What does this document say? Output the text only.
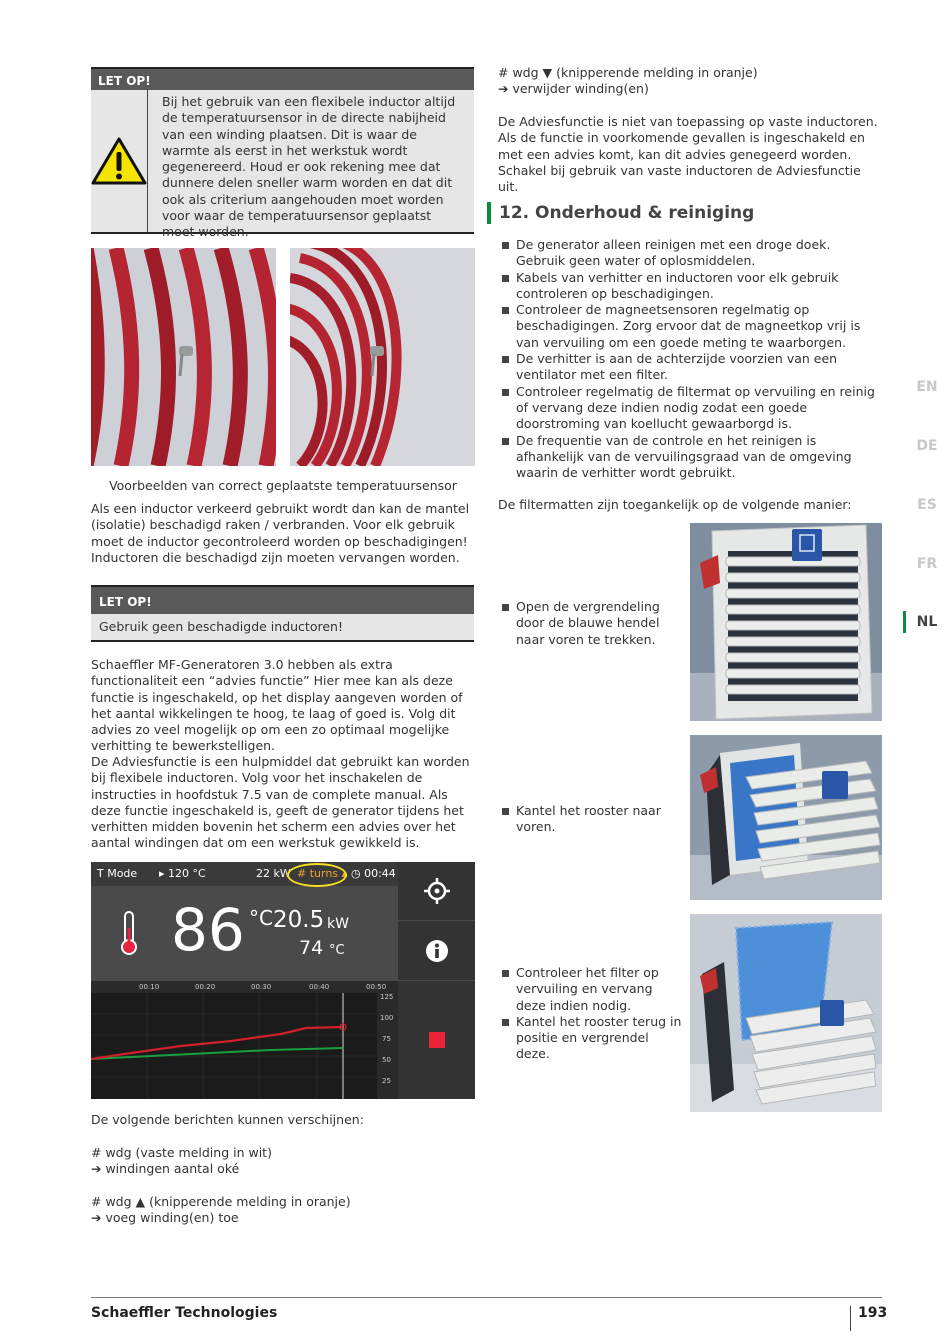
LET OP!

Bij het gebruik van een flexibele inductor altijd de temperatuursensor in de directe nabijheid van een winding plaatsen. Dit is waar de warmte als eerst in het werkstuk wordt gegenereerd. Houd er ook rekening mee dat dunnere delen sneller warm worden en dat dit ook als criterium aangehouden moet worden voor waar de temperatuursensor geplaatst moet worden.

Voorbeelden van correct geplaatste temperatuursensor

Als een inductor verkeerd gebruikt wordt dan kan de mantel (isolatie) beschadigd raken / verbranden. Voor elk gebruik moet de inductor gecontroleerd worden op beschadigingen!

Inductoren die beschadigd zijn moeten vervangen worden.

LET OP!
Gebruik geen beschadigde inductoren!

Schaeffler MF-Generatoren 3.0 hebben als extra functionaliteit een “advies functie” Hier mee kan als deze functie is ingeschakeld, op het display aangeven worden of het aantal wikkelingen te hoog, te laag of goed is. Volg dit advies zo veel mogelijk op om een zo optimaal mogelijke verhitting te bewerkstelligen.

De Adviesfunctie is een hulpmiddel dat gebruikt kan worden bij flexibele inductoren. Volg voor het inschakelen de instructies in hoofdstuk 7.5 van de complete manual. Als deze functie ingeschakeld is, geeft de generator tijdens het verhitten midden bovenin het scherm een advies over het aantal windingen dat om een werkstuk gewikkeld is.

T Mode ▸ 120 °C	22 kW # turns ▴ ◷ 00:44
86 °C 20.5 kW
74 °C
00:10	00:20	00:30	00:40	00:50
125
100
75
50
25

De volgende berichten kunnen verschijnen:

# wdg (vaste melding in wit)

➔ windingen aantal oké

# wdg ▲ (knipperende melding in oranje)

➔ voeg winding(en) toe

# wdg ▼ (knipperende melding in oranje)

➔ verwijder winding(en)

De Adviesfunctie is niet van toepassing op vaste inductoren. Als de functie in voorkomende gevallen is ingeschakeld en met een advies komt, kan dit advies genegeerd worden. Schakel bij gebruik van vaste inductoren de Adviesfunctie uit.

12. Onderhoud & reiniging
De generator alleen reinigen met een droge doek. Gebruik geen water of oplosmiddelen.
Kabels van verhitter en inductoren voor elk gebruik controleren op beschadigingen.
Controleer de magneetsensoren regelmatig op beschadigingen. Zorg ervoor dat de magneetkop vrij is van vervuiling om een goede meting te waarborgen.
De verhitter is aan de achterzijde voorzien van een ventilator met een filter.
Controleer regelmatig de filtermat op vervuiling en reinig of vervang deze indien nodig zodat een goede doorstroming van koellucht gewaarborgd is.
De frequentie van de controle en het reinigen is afhankelijk van de vervuilingsgraad van de omgeving waarin de verhitter wordt gebruikt.

De filtermatten zijn toegankelijk op de volgende manier:

Open de vergrendeling door de blauwe hendel naar voren te trekken.
Kantel het rooster naar voren.
Controleer het filter op vervuiling en vervang deze indien nodig.
Kantel het rooster terug in positie en vergrendel deze.
EN
DE
ES
FR
NL
Schaeffler Technologies	193
